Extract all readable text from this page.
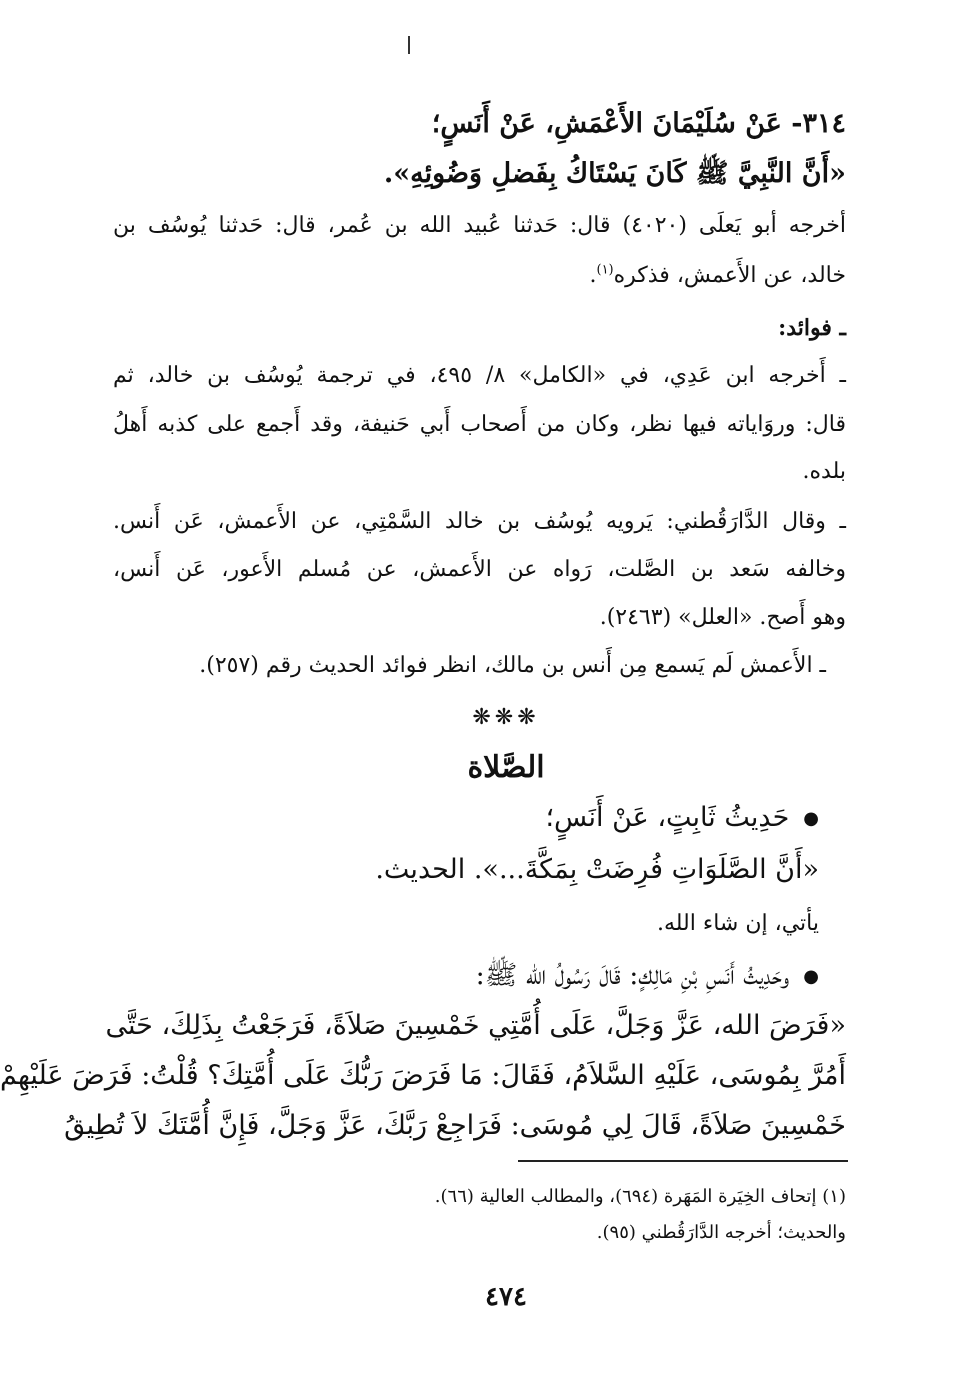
٣١٤- عَنْ سُلَيْمَانَ الأَعْمَشِ، عَنْ أَنَسٍ؛
«أَنَّ النَّبِيَّ ﷺ كَانَ يَسْتَاكُ بِفَضلِ وَضُوئِهِ».
أخرجه أبو يَعلَى (٤٠٢٠) قال: حَدثنا عُبيد الله بن عُمر، قال: حَدثنا يُوسُف بن
خالد، عن الأَعمش، فذكره$^{(١)}$.
ـ فوائد:
ـ أَخرجه ابن عَدِي، في «الكامل» ٨/ ٤٩٥، في ترجمة يُوسُف بن خالد، ثم
قال: وروَاياته فيها نظر، وكان من أَصحاب أَبي حَنيفة، وقد أَجمع على كذبه أَهلُ
بلده.
ـ وقال الدَّارَقُطني: يَرويه يُوسُف بن خالد السَّمْتِي، عن الأَعمش، عَن أَنس.
وخالفه سَعد بن الصَّلت، رَواه عن الأَعمش، عن مُسلم الأَعور، عَن أَنس،
وهو أَصح. «العلل» (٢٤٦٣).
ـ الأَعمش لَم يَسمع مِن أَنس بن مالك، انظر فوائد الحديث رقم (٢٥٧).
❋❋❋
الصَّلاة
● حَدِيثُ ثَابِتٍ، عَنْ أَنَسٍ؛
«أَنَّ الصَّلَوَاتِ فُرِضَتْ بِمَكَّةَ...». الحديث.
يأتي، إن شاء الله.
● وحَدِيثُ أَنَسِ بْنِ مَالِكٍ: قَالَ رَسُولُ الله ﷺ:
«فَرَضَ الله، عَزَّ وَجَلَّ، عَلَى أُمَّتِي خَمْسِينَ صَلاَةً، فَرَجَعْتُ بِذَلِكَ، حَتَّى
أَمُرَّ بِمُوسَى، عَلَيْهِ السَّلاَمُ، فَقَالَ: مَا فَرَضَ رَبُّكَ عَلَى أُمَّتِكَ؟ قُلْتُ: فَرَضَ عَلَيْهِمْ
خَمْسِينَ صَلاَةً، قَالَ لِي مُوسَى: فَرَاجِعْ رَبَّكَ، عَزَّ وَجَلَّ، فَإِنَّ أُمَّتَكَ لاَ تُطِيقُ
(١) إتحاف الخِيَرة المَهَرة (٦٩٤)، والمطالب العالية (٦٦).
والحديث؛ أخرجه الدَّارَقُطني (٩٥).
٤٧٤
